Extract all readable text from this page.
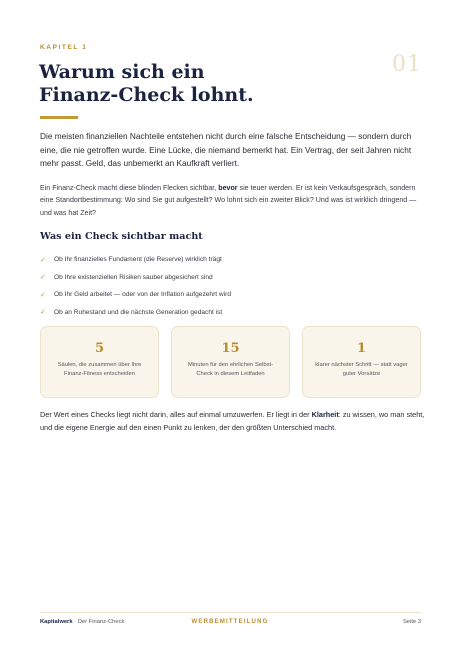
KAPITEL 1
01
Warum sich ein
Finanz-Check lohnt.

Die meisten finanziellen Nachteile entstehen nicht durch eine falsche Entscheidung — sondern durch eine, die nie getroffen wurde. Eine Lücke, die niemand bemerkt hat. Ein Vertrag, der seit Jahren nicht mehr passt. Geld, das unbemerkt an Kaufkraft verliert.

Ein Finanz-Check macht diese blinden Flecken sichtbar, bevor sie teuer werden. Er ist kein Verkaufsgespräch, sondern eine Standortbestimmung: Wo sind Sie gut aufgestellt? Wo lohnt sich ein zweiter Blick? Und was ist wirklich dringend — und was hat Zeit?

Was ein Check sichtbar macht
✓	Ob Ihr finanzielles Fundament (die Reserve) wirklich trägt
✓	Ob Ihre existenziellen Risiken sauber abgesichert sind
✓	Ob Ihr Geld arbeitet — oder von der Inflation aufgezehrt wird
✓	Ob an Ruhestand und die nächste Generation gedacht ist
5
Säulen, die zusammen über Ihre Finanz-Fitness entscheiden
15
Minuten für den ehrlichen Selbst-Check in diesem Leitfaden
1
klarer nächster Schritt — statt vager guter Vorsätze

Der Wert eines Checks liegt nicht darin, alles auf einmal umzuwerfen. Er liegt in der Klarheit: zu wissen, wo man steht, und die eigene Energie auf den einen Punkt zu lenken, der den größten Unterschied macht.

Kapitalwerk · Der Finanz-Check	WERBEMITTEILUNG	Seite 3
